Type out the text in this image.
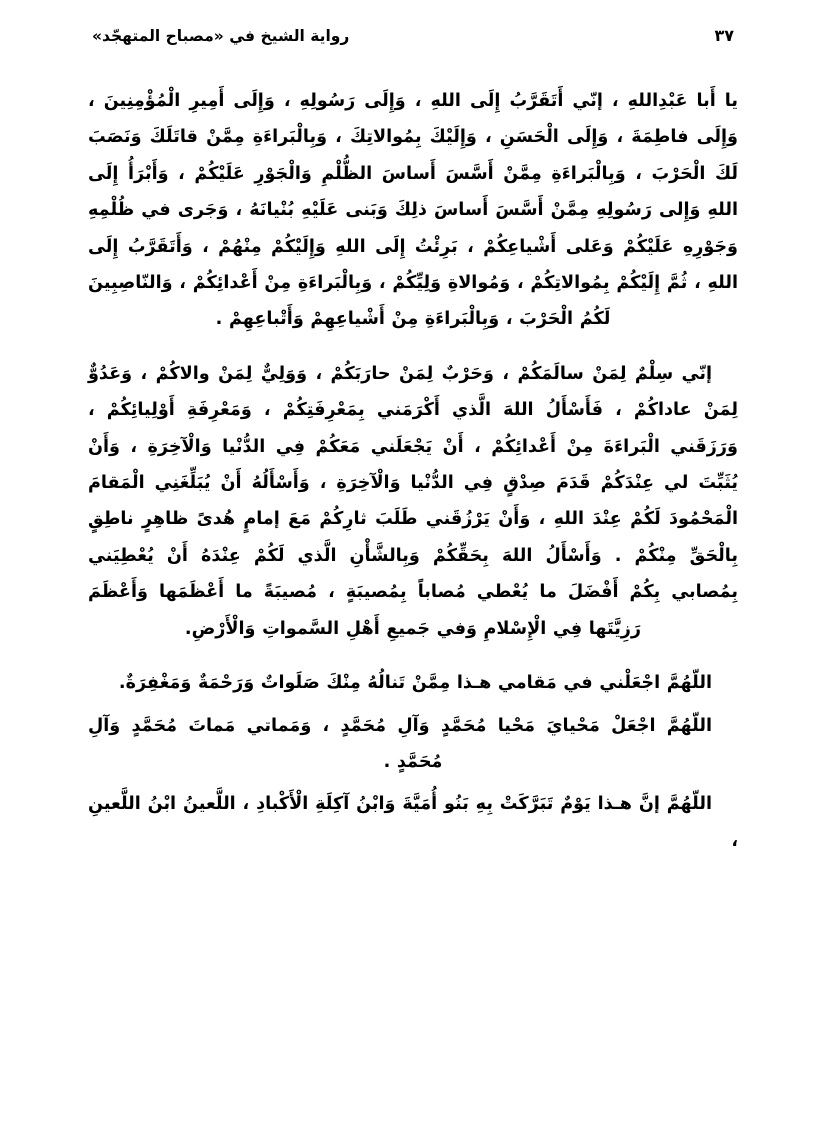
رواية الشيخ في «مصباح المتهجّد»	٣٧

يا أَبا عَبْدِاللهِ ، إنّي أَتَقَرَّبُ إِلَى اللهِ ، وَإِلَى رَسُولِهِ ، وَإِلَى أَمِيرِ الْمُؤْمِنِينَ ، وَإِلَى فاطِمَةَ ، وَإِلَى الْحَسَنِ ، وَإِلَيْكَ بِمُوالاتِكَ ، وَبِالْبَراءَةِ مِمَّنْ قاتَلَكَ وَنَصَبَ لَكَ الْحَرْبَ ، وَبِالْبَراءَةِ مِمَّنْ أَسَّسَ أَساسَ الظُّلْمِ وَالْجَوْرِ عَلَيْكُمْ ، وَأَبْرَأُ إِلَى اللهِ وَإِلى رَسُولِهِ مِمَّنْ أَسَّسَ أَساسَ ذلِكَ وَبَنى عَلَيْهِ بُنْيانَهُ ، وَجَرى في ظُلْمِهِ وَجَوْرِهِ عَلَيْكُمْ وَعَلى أَشْياعِكُمْ ، بَرِئْتُ إِلَى اللهِ وَإِلَيْكُمْ مِنْهُمْ ، وَأَتَقَرَّبُ إِلَى اللهِ ، ثُمَّ إِلَيْكُمْ بِمُوالاتِكُمْ ، وَمُوالاةِ وَلِيِّكُمْ ، وَبِالْبَراءَةِ مِنْ أَعْدائِكُمْ ، وَالنّاصِبِينَ لَكُمُ الْحَرْبَ ، وَبِالْبَراءَةِ مِنْ أَشْياعِهِمْ وَأَتْباعِهِمْ .

إنّي سِلْمٌ لِمَنْ سالَمَكُمْ ، وَحَرْبٌ لِمَنْ حارَبَكُمْ ، وَوَلِيٌّ لِمَنْ والاكُمْ ، وَعَدُوٌّ لِمَنْ عاداكُمْ ، فَأَسْأَلُ اللهَ الَّذي أَكْرَمَني بِمَعْرِفَتِكُمْ ، وَمَعْرِفَةِ أَوْلِيائِكُمْ ، وَرَزَقَني الْبَراءَةَ مِنْ أَعْدائِكُمْ ، أَنْ يَجْعَلَني مَعَكُمْ فِي الدُّنْيا وَالْآخِرَةِ ، وَأَنْ يُثَبِّتَ لي عِنْدَكُمْ قَدَمَ صِدْقٍ فِي الدُّنْيا وَالْآخِرَةِ ، وَأَسْأَلُهُ أَنْ يُبَلِّغَنِي الْمَقامَ الْمَحْمُودَ لَكُمْ عِنْدَ اللهِ ، وَأَنْ يَرْزُقَني طَلَبَ ثارِكُمْ مَعَ إمامٍ هُدىً ظاهِرٍ ناطِقٍ بِالْحَقِّ مِنْكُمْ . وَأَسْأَلُ اللهَ بِحَقِّكُمْ وَبِالشَّأْنِ الَّذي لَكُمْ عِنْدَهُ أَنْ يُعْطِيَني بِمُصابي بِكُمْ أَفْضَلَ ما يُعْطي مُصاباً بِمُصيبَةٍ ، مُصيبَةً ما أَعْظَمَها وَأَعْظَمَ رَزِيَّتَها فِي الْإِسْلامِ وَفي جَميعِ أَهْلِ السَّمواتِ وَالْأَرْضِ.

اللّهُمَّ اجْعَلْني في مَقامي هـذا مِمَّنْ تَنالُهُ مِنْكَ صَلَواتٌ وَرَحْمَةٌ وَمَغْفِرَةٌ.

اللّهُمَّ اجْعَلْ مَحْيايَ مَحْيا مُحَمَّدٍ وَآلِ مُحَمَّدٍ ، وَمَماتي مَماتَ مُحَمَّدٍ وَآلِ مُحَمَّدٍ .

اللّهُمَّ إنَّ هـذا يَوْمٌ تَبَرَّكَتْ بِهِ بَنُو أُمَيَّةَ وَابْنُ آكِلَةِ الْأَكْبادِ ، اللَّعينُ ابْنُ اللَّعينِ ،
